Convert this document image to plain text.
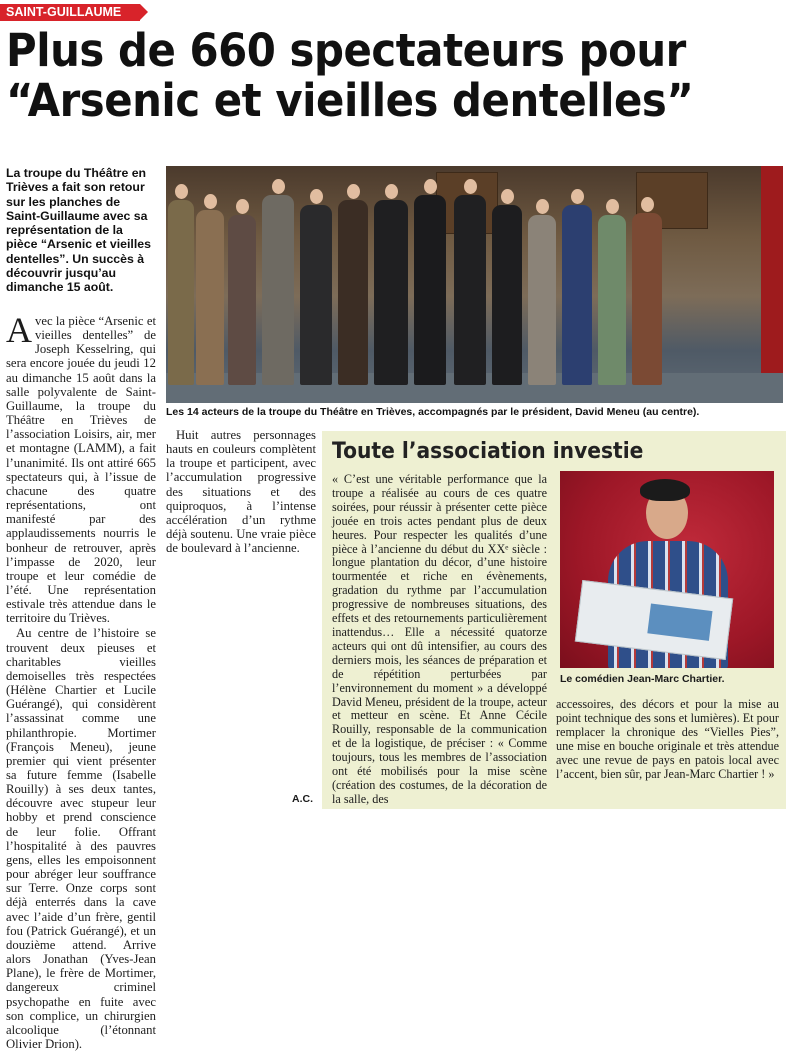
SAINT-GUILLAUME
Plus de 660 spectateurs pour “Arsenic et vieilles dentelles”

La troupe du Théâtre en Trièves a fait son retour sur les planches de Saint-Guillaume avec sa représentation de la pièce “Arsenic et vieilles dentelles”. Un succès à découvrir jusqu’au dimanche 15 août.

Les 14 acteurs de la troupe du Théâtre en Trièves, accompagnés par le président, David Meneu (au centre).

Avec la pièce “Arsenic et vieilles dentelles” de Joseph Kesselring, qui sera encore jouée du jeudi 12 au dimanche 15 août dans la salle polyvalente de Saint-Guillaume, la troupe du Théâtre en Trièves de l’association Loisirs, air, mer et montagne (LAMM), a fait l’unanimité. Ils ont attiré 665 spectateurs qui, à l’issue de chacune des quatre représentations, ont manifesté par des applaudissements nourris le bonheur de retrouver, après l’impasse de 2020, leur troupe et leur comédie de l’été. Une représentation estivale très attendue dans le territoire du Trièves.

Au centre de l’histoire se trouvent deux pieuses et charitables vieilles demoiselles très respectées (Hélène Chartier et Lucile Guérangé), qui considèrent l’assassinat comme une philanthropie. Mortimer (François Meneu), jeune premier qui vient présenter sa future femme (Isabelle Rouilly) à ses deux tantes, découvre avec stupeur leur hobby et prend conscience de leur folie. Offrant l’hospitalité à des pauvres gens, elles les empoisonnent pour abréger leur souffrance sur Terre. Onze corps sont déjà enterrés dans la cave avec l’aide d’un frère, gentil fou (Patrick Guérangé), et un douzième attend. Arrive alors Jonathan (Yves-Jean Plane), le frère de Mortimer, dangereux criminel psychopathe en fuite avec son complice, un chirurgien alcoolique (l’étonnant Olivier Drion).

Huit autres personnages hauts en couleurs complètent la troupe et participent, avec l’accumulation progressive des situations et des quiproquos, à l’intense accélération d’un rythme déjà soutenu. Une vraie pièce de boulevard à l’ancienne.

A.C.
Toute l’association investie

« C’est une véritable performance que la troupe a réalisée au cours de ces quatre soirées, pour réussir à présenter cette pièce jouée en trois actes pendant plus de deux heures. Pour respecter les qualités d’une pièce à l’ancienne du début du XXᵉ siècle : longue plantation du décor, d’une histoire tourmentée et riche en évènements, gradation du rythme par l’accumulation progressive de nombreuses situations, des effets et des retournements particulièrement inattendus… Elle a nécessité quatorze acteurs qui ont dû intensifier, au cours des derniers mois, les séances de préparation et de répétition perturbées par l’environnement du moment » a développé David Meneu, président de la troupe, acteur et metteur en scène. Et Anne Cécile Rouilly, responsable de la communication et de la logistique, de préciser : « Comme toujours, tous les membres de l’association ont été mobilisés pour la mise scène (création des costumes, de la décoration de la salle, des

Le comédien Jean-Marc Chartier.

accessoires, des décors et pour la mise au point technique des sons et lumières). Et pour remplacer la chronique des “Vielles Pies”, une mise en bouche originale et très attendue avec une revue de pays en patois local avec l’accent, bien sûr, par Jean-Marc Chartier ! »
